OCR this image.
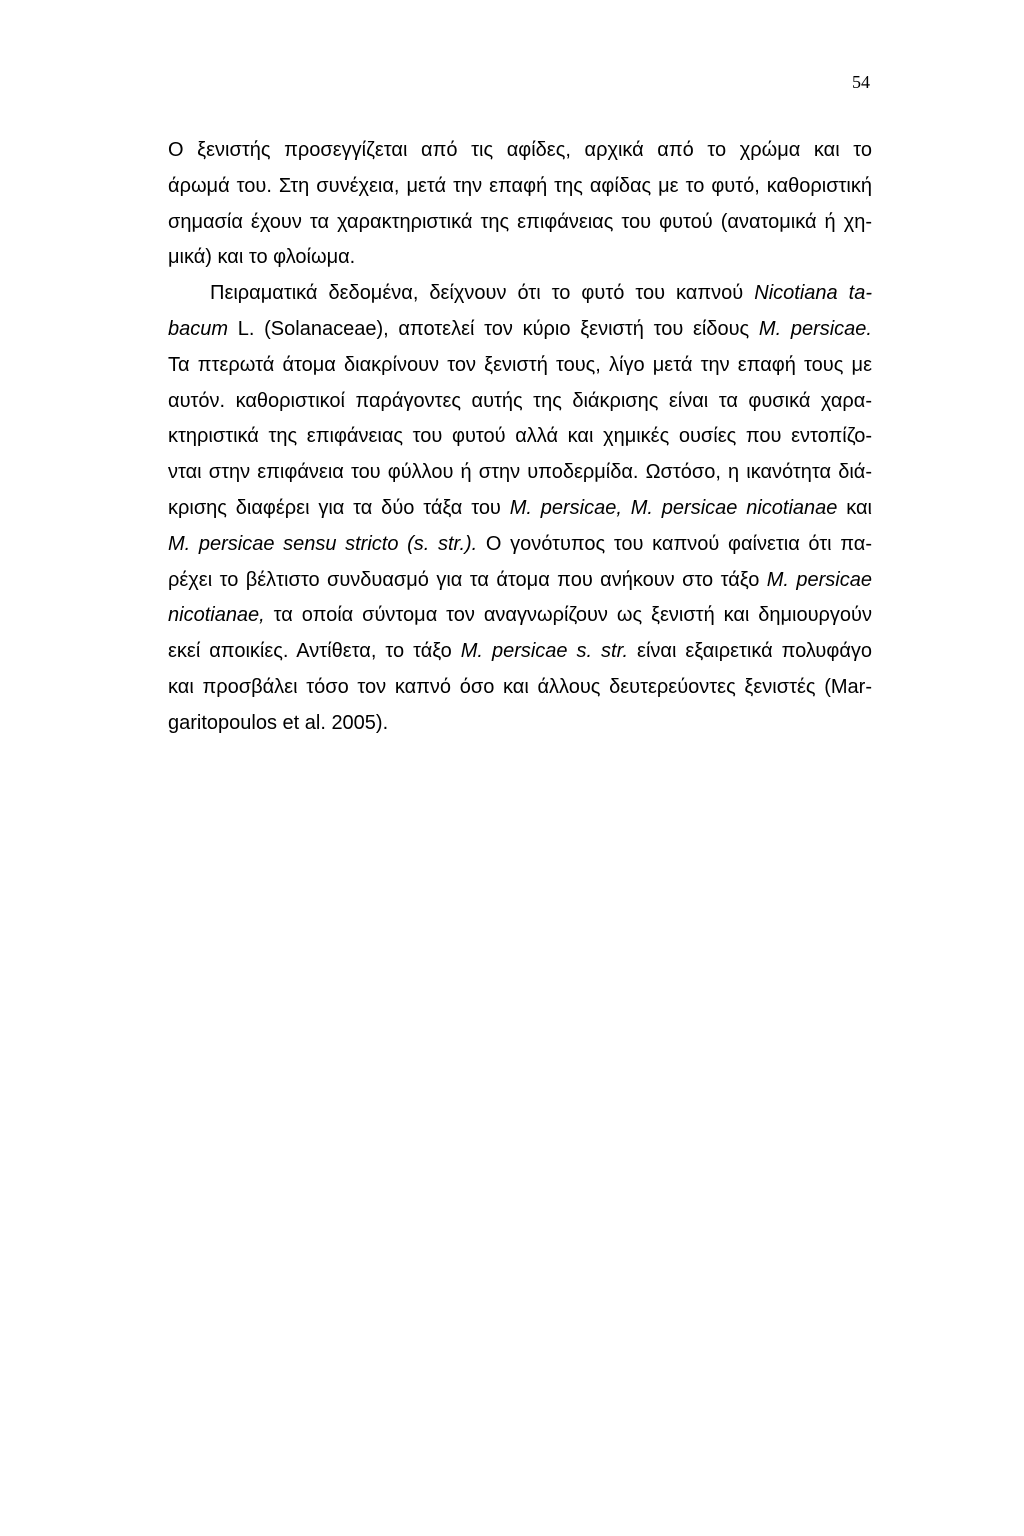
54
Ο ξενιστής προσεγγίζεται από τις αφίδες, αρχικά από το χρώμα και το
άρωμά του. Στη συνέχεια, μετά την επαφή της αφίδας με το φυτό, καθοριστική
σημασία έχουν τα χαρακτηριστικά της επιφάνειας του φυτού (ανατομικά ή χη-
μικά) και το φλοίωμα.
Πειραματικά δεδομένα, δείχνουν ότι το φυτό του καπνού Nicotiana ta-
bacum L. (Solanaceae), αποτελεί τον κύριο ξενιστή του είδους M. persicae.
Τα πτερωτά άτομα διακρίνουν τον ξενιστή τους, λίγο μετά την επαφή τους με
αυτόν. καθοριστικοί παράγοντες αυτής της διάκρισης είναι τα φυσικά χαρα-
κτηριστικά της επιφάνειας του φυτού αλλά και χημικές ουσίες που εντοπίζο-
νται στην επιφάνεια του φύλλου ή στην υποδερμίδα. Ωστόσο, η ικανότητα διά-
κρισης διαφέρει για τα δύο τάξα του M. persicae, M. persicae nicotianae και
M. persicae sensu stricto (s. str.). Ο γονότυπος του καπνού φαίνετια ότι πα-
ρέχει το βέλτιστο συνδυασμό για τα άτομα που ανήκουν στο τάξο M. persicae
nicotianae, τα οποία σύντομα τον αναγνωρίζουν ως ξενιστή και δημιουργούν
εκεί αποικίες. Αντίθετα, το τάξο M. persicae s. str. είναι εξαιρετικά πολυφάγο
και προσβάλει τόσο τον καπνό όσο και άλλους δευτερεύοντες ξενιστές (Mar-
garitopoulos et al. 2005).
